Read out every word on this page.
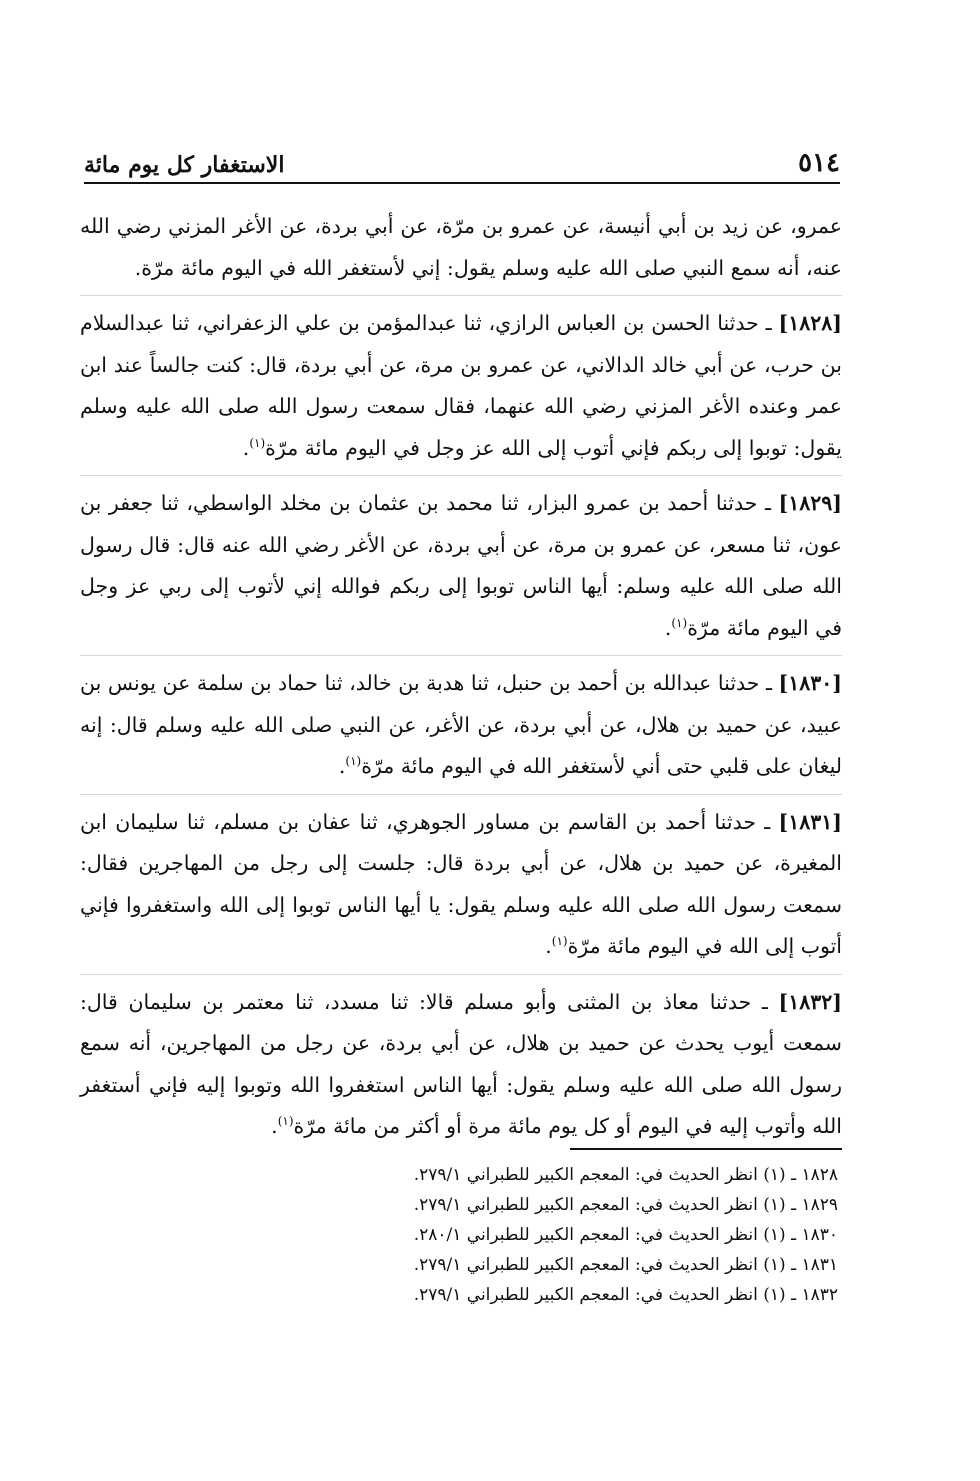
٥١٤
الاستغفار كل يوم مائة

عمرو، عن زيد بن أبي أنيسة، عن عمرو بن مرّة، عن أبي بردة، عن الأغر المزني رضي الله عنه، أنه سمع النبي صلى الله عليه وسلم يقول: إني لأستغفر الله في اليوم مائة مرّة.

[١٨٢٨] ـ حدثنا الحسن بن العباس الرازي، ثنا عبدالمؤمن بن علي الزعفراني، ثنا عبدالسلام بن حرب، عن أبي خالد الدالاني، عن عمرو بن مرة، عن أبي بردة، قال: كنت جالساً عند ابن عمر وعنده الأغر المزني رضي الله عنهما، فقال سمعت رسول الله صلى الله عليه وسلم يقول: توبوا إلى ربكم فإني أتوب إلى الله عز وجل في اليوم مائة مرّة$^{(١)}$.

[١٨٢٩] ـ حدثنا أحمد بن عمرو البزار، ثنا محمد بن عثمان بن مخلد الواسطي، ثنا جعفر بن عون، ثنا مسعر، عن عمرو بن مرة، عن أبي بردة، عن الأغر رضي الله عنه قال: قال رسول الله صلى الله عليه وسلم: أيها الناس توبوا إلى ربكم فوالله إني لأتوب إلى ربي عز وجل في اليوم مائة مرّة$^{(١)}$.

[١٨٣٠] ـ حدثنا عبدالله بن أحمد بن حنبل، ثنا هدبة بن خالد، ثنا حماد بن سلمة عن يونس بن عبيد، عن حميد بن هلال، عن أبي بردة، عن الأغر، عن النبي صلى الله عليه وسلم قال: إنه ليغان على قلبي حتى أني لأستغفر الله في اليوم مائة مرّة$^{(١)}$.

[١٨٣١] ـ حدثنا أحمد بن القاسم بن مساور الجوهري، ثنا عفان بن مسلم، ثنا سليمان ابن المغيرة، عن حميد بن هلال، عن أبي بردة قال: جلست إلى رجل من المهاجرين فقال: سمعت رسول الله صلى الله عليه وسلم يقول: يا أيها الناس توبوا إلى الله واستغفروا فإني أتوب إلى الله في اليوم مائة مرّة$^{(١)}$.

[١٨٣٢] ـ حدثنا معاذ بن المثنى وأبو مسلم قالا: ثنا مسدد، ثنا معتمر بن سليمان قال: سمعت أيوب يحدث عن حميد بن هلال، عن أبي بردة، عن رجل من المهاجرين، أنه سمع رسول الله صلى الله عليه وسلم يقول: أيها الناس استغفروا الله وتوبوا إليه فإني أستغفر الله وأتوب إليه في اليوم أو كل يوم مائة مرة أو أكثر من مائة مرّة$^{(١)}$.

١٨٢٨ ـ (١) انظر الحديث في: المعجم الكبير للطبراني ٢٧٩/١.

١٨٢٩ ـ (١) انظر الحديث في: المعجم الكبير للطبراني ٢٧٩/١.

١٨٣٠ ـ (١) انظر الحديث في: المعجم الكبير للطبراني ٢٨٠/١.

١٨٣١ ـ (١) انظر الحديث في: المعجم الكبير للطبراني ٢٧٩/١.

١٨٣٢ ـ (١) انظر الحديث في: المعجم الكبير للطبراني ٢٧٩/١.
